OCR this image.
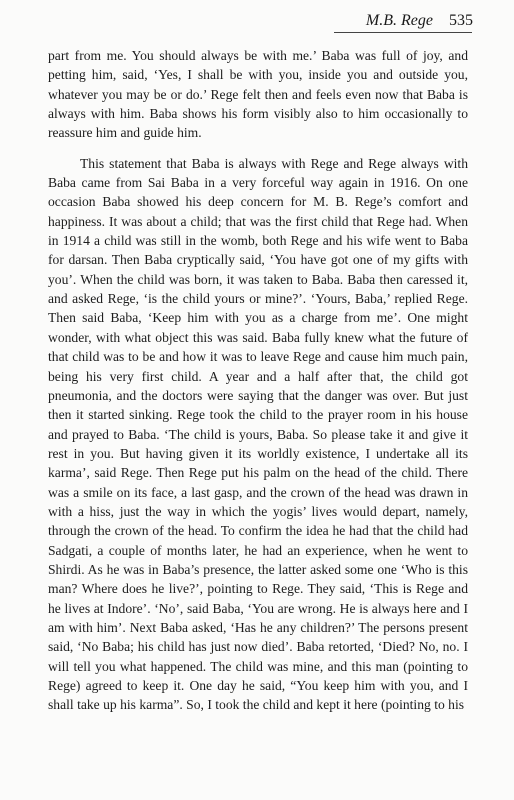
M.B. Rege 535

part from me. You should always be with me.’ Baba was full of joy, and petting him, said, ‘Yes, I shall be with you, inside you and outside you, whatever you may be or do.’ Rege felt then and feels even now that Baba is always with him. Baba shows his form visibly also to him occasionally to reassure him and guide him.

This statement that Baba is always with Rege and Rege always with Baba came from Sai Baba in a very forceful way again in 1916. On one occasion Baba showed his deep concern for M. B. Rege’s comfort and happiness. It was about a child; that was the first child that Rege had. When in 1914 a child was still in the womb, both Rege and his wife went to Baba for darsan. Then Baba cryptically said, ‘You have got one of my gifts with you’. When the child was born, it was taken to Baba. Baba then caressed it, and asked Rege, ‘is the child yours or mine?’. ‘Yours, Baba,’ replied Rege. Then said Baba, ‘Keep him with you as a charge from me’. One might wonder, with what object this was said. Baba fully knew what the future of that child was to be and how it was to leave Rege and cause him much pain, being his very first child. A year and a half after that, the child got pneumonia, and the doctors were saying that the danger was over. But just then it started sinking. Rege took the child to the prayer room in his house and prayed to Baba. ‘The child is yours, Baba. So please take it and give it rest in you. But having given it its worldly existence, I undertake all its karma’, said Rege. Then Rege put his palm on the head of the child. There was a smile on its face, a last gasp, and the crown of the head was drawn in with a hiss, just the way in which the yogis’ lives would depart, namely, through the crown of the head. To confirm the idea he had that the child had Sadgati, a couple of months later, he had an experience, when he went to Shirdi. As he was in Baba’s presence, the latter asked some one ‘Who is this man? Where does he live?’, pointing to Rege. They said, ‘This is Rege and he lives at Indore’. ‘No’, said Baba, ‘You are wrong. He is always here and I am with him’. Next Baba asked, ‘Has he any children?’ The persons present said, ‘No Baba; his child has just now died’. Baba retorted, ‘Died? No, no. I will tell you what happened. The child was mine, and this man (pointing to Rege) agreed to keep it. One day he said, “You keep him with you, and I shall take up his karma”. So, I took the child and kept it here (pointing to his
